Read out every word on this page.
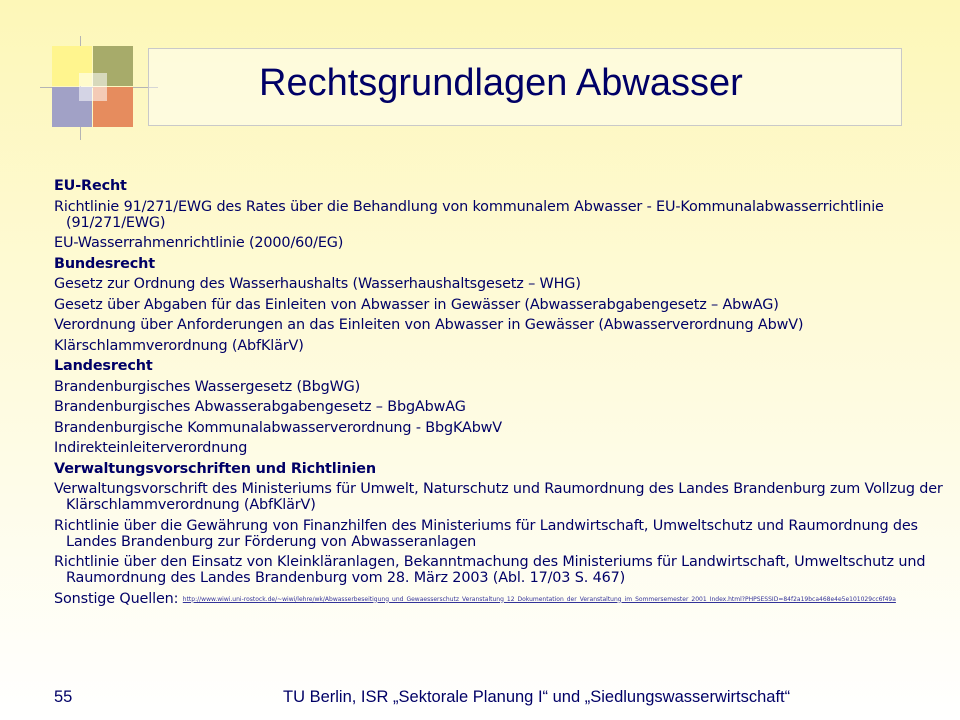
Rechtsgrundlagen Abwasser
EU-Recht
Richtlinie 91/271/EWG des Rates über die Behandlung von kommunalem Abwasser - EU-Kommunalabwasserrichtlinie (91/271/EWG)
EU-Wasserrahmenrichtlinie (2000/60/EG)
Bundesrecht
Gesetz zur Ordnung des Wasserhaushalts (Wasserhaushaltsgesetz – WHG)
Gesetz über Abgaben für das Einleiten von Abwasser in Gewässer (Abwasserabgabengesetz – AbwAG)
Verordnung über Anforderungen an das Einleiten von Abwasser in Gewässer (Abwasserverordnung AbwV)
Klärschlammverordnung (AbfKlärV)
Landesrecht
Brandenburgisches Wassergesetz (BbgWG)
Brandenburgisches Abwasserabgabengesetz – BbgAbwAG
Brandenburgische Kommunalabwasserverordnung - BbgKAbwV
Indirekteinleiterverordnung
Verwaltungsvorschriften und Richtlinien
Verwaltungsvorschrift des Ministeriums für Umwelt, Naturschutz und Raumordnung des Landes Brandenburg zum Vollzug der Klärschlammverordnung (AbfKlärV)
Richtlinie über die Gewährung von Finanzhilfen des Ministeriums für Landwirtschaft, Umweltschutz und Raumordnung des Landes Brandenburg zur Förderung von Abwasseranlagen
Richtlinie über den Einsatz von Kleinkläranlagen, Bekanntmachung des Ministeriums für Landwirtschaft, Umweltschutz und Raumordnung des Landes Brandenburg vom 28. März 2003 (Abl. 17/03 S. 467)
Sonstige Quellen: http://www.wiwi.uni-rostock.de/~wiwi/lehre/wk/Abwasserbeseitigung_und_Gewaesserschutz_Veranstaltung_12_Dokumentation_der_Veranstaltung_im_Sommersemester_2001_Index.html?PHPSESSID=84f2a19bca468e4e5e101029cc6f49a
55	TU Berlin, ISR „Sektorale Planung I“ und „Siedlungswasserwirtschaft“
